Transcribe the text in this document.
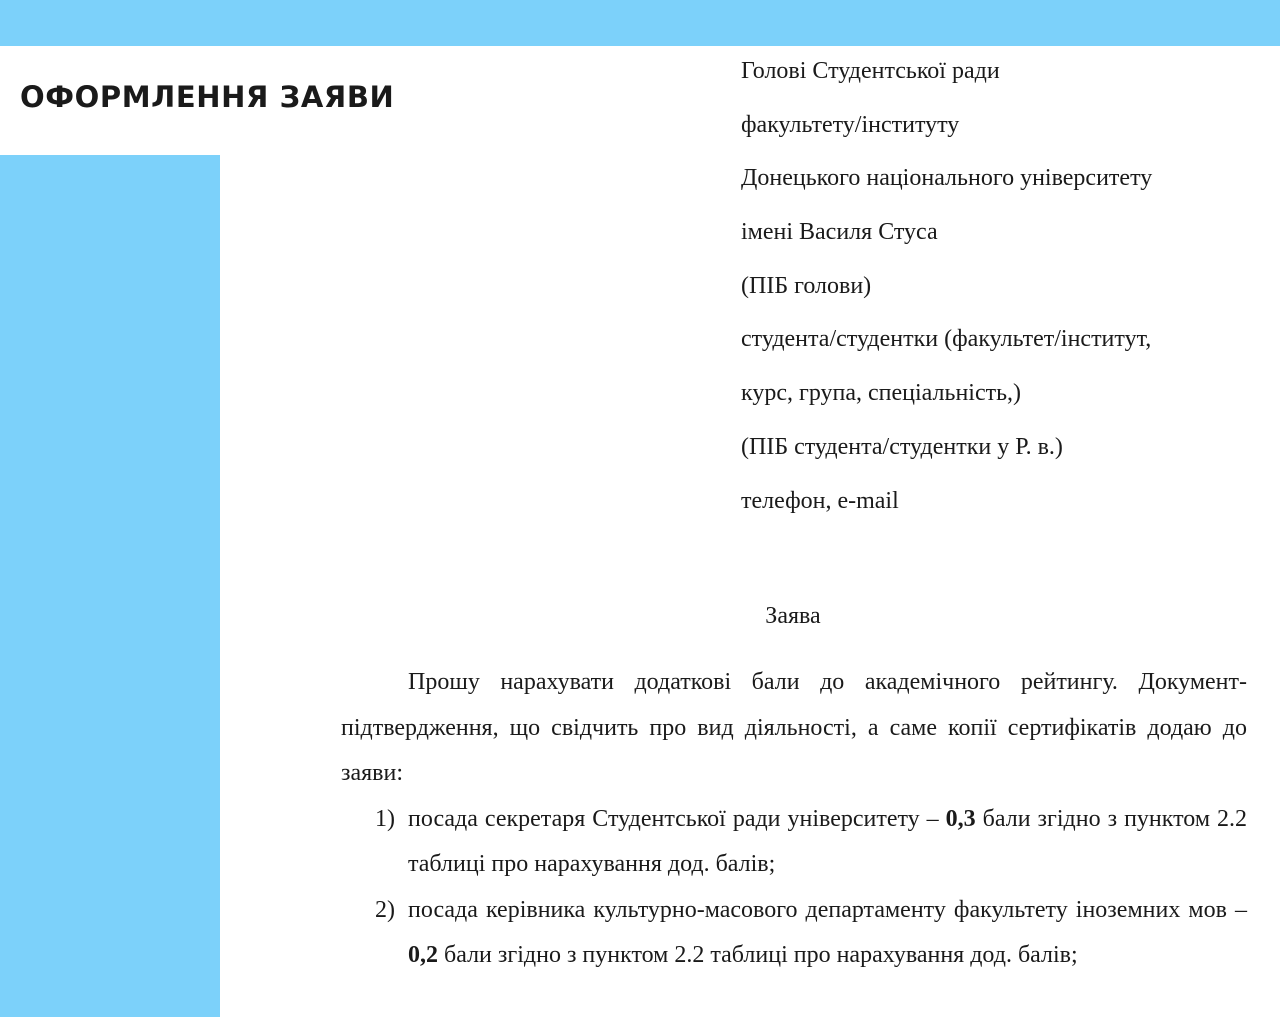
ОФОРМЛЕННЯ ЗАЯВИ
Голові Студентської ради
факультету/інституту
Донецького національного університету
імені Василя Стуса
(ПІБ голови)
студента/студентки (факультет/інститут,
курс, група, спеціальність,)
(ПІБ студента/студентки у Р. в.)
телефон, e-mail
Заява

Прошу нарахувати додаткові бали до академічного рейтингу. Документ-підтвердження, що свідчить про вид діяльності, а саме копії сертифікатів додаю до заяви:

1) посада секретаря Студентської ради університету – 0,3 бали згідно з пунктом 2.2 таблиці про нарахування дод. балів;
2) посада керівника культурно-масового департаменту факультету іноземних мов – 0,2 бали згідно з пунктом 2.2 таблиці про нарахування дод. балів;
